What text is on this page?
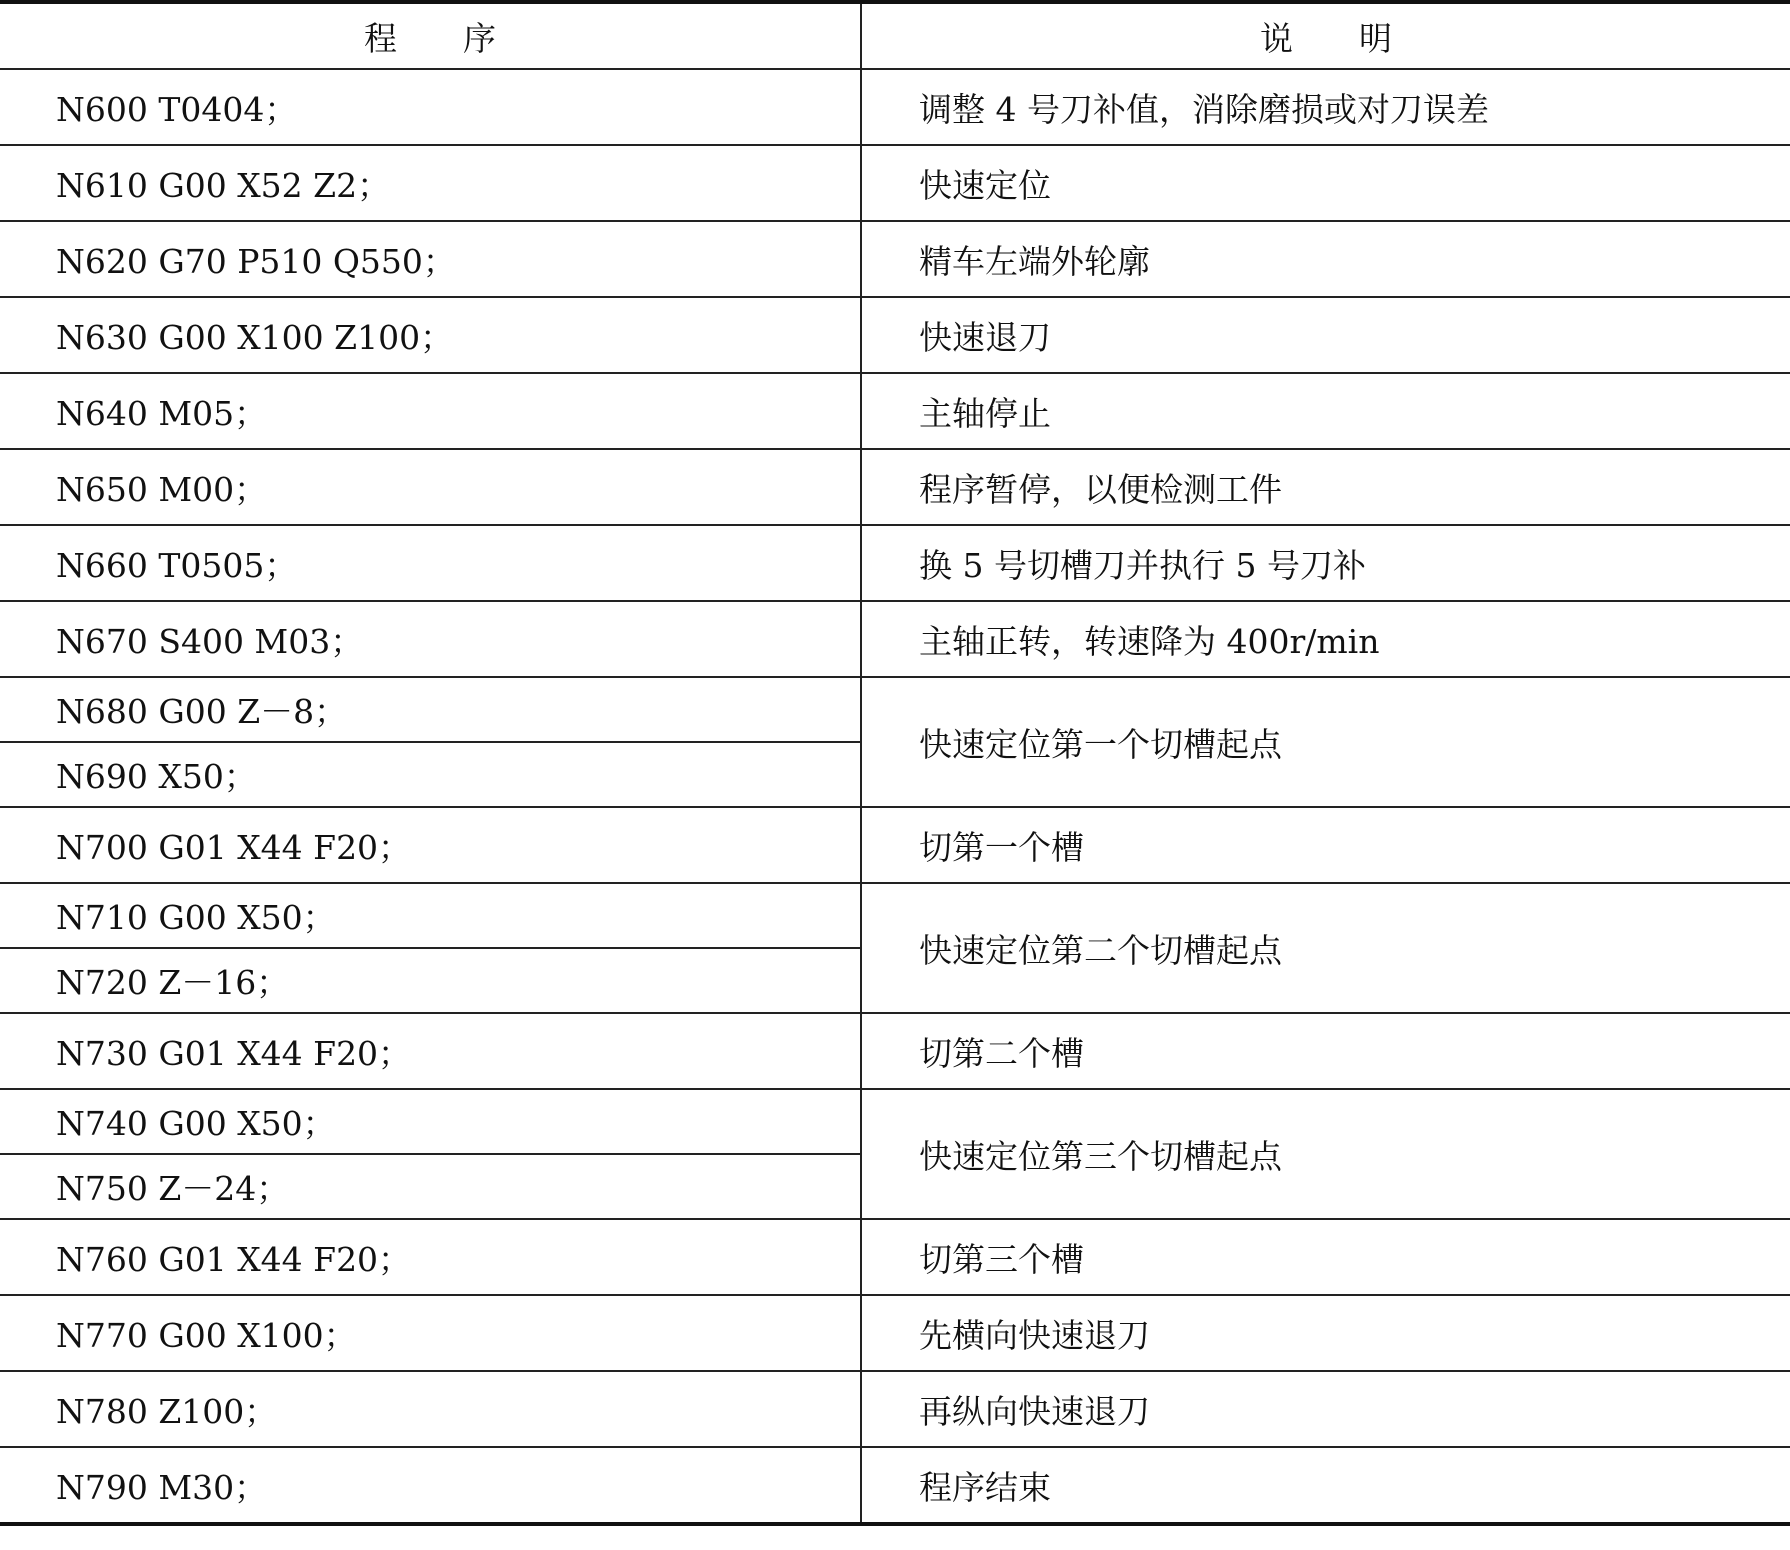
程　　序	说　　明
N600 T0404；	调整 4 号刀补值，消除磨损或对刀误差
N610 G00 X52 Z2；	快速定位
N620 G70 P510 Q550；	精车左端外轮廓
N630 G00 X100 Z100；	快速退刀
N640 M05；	主轴停止
N650 M00；	程序暂停，以便检测工件
N660 T0505；	换 5 号切槽刀并执行 5 号刀补
N670 S400 M03；	主轴正转，转速降为 400r/min
N680 G00 Z－8；	快速定位第一个切槽起点
N690 X50；	
N700 G01 X44 F20；	切第一个槽
N710 G00 X50；	快速定位第二个切槽起点
N720 Z－16；	
N730 G01 X44 F20；	切第二个槽
N740 G00 X50；	快速定位第三个切槽起点
N750 Z－24；	
N760 G01 X44 F20；	切第三个槽
N770 G00 X100；	先横向快速退刀
N780 Z100；	再纵向快速退刀
N790 M30；	程序结束
